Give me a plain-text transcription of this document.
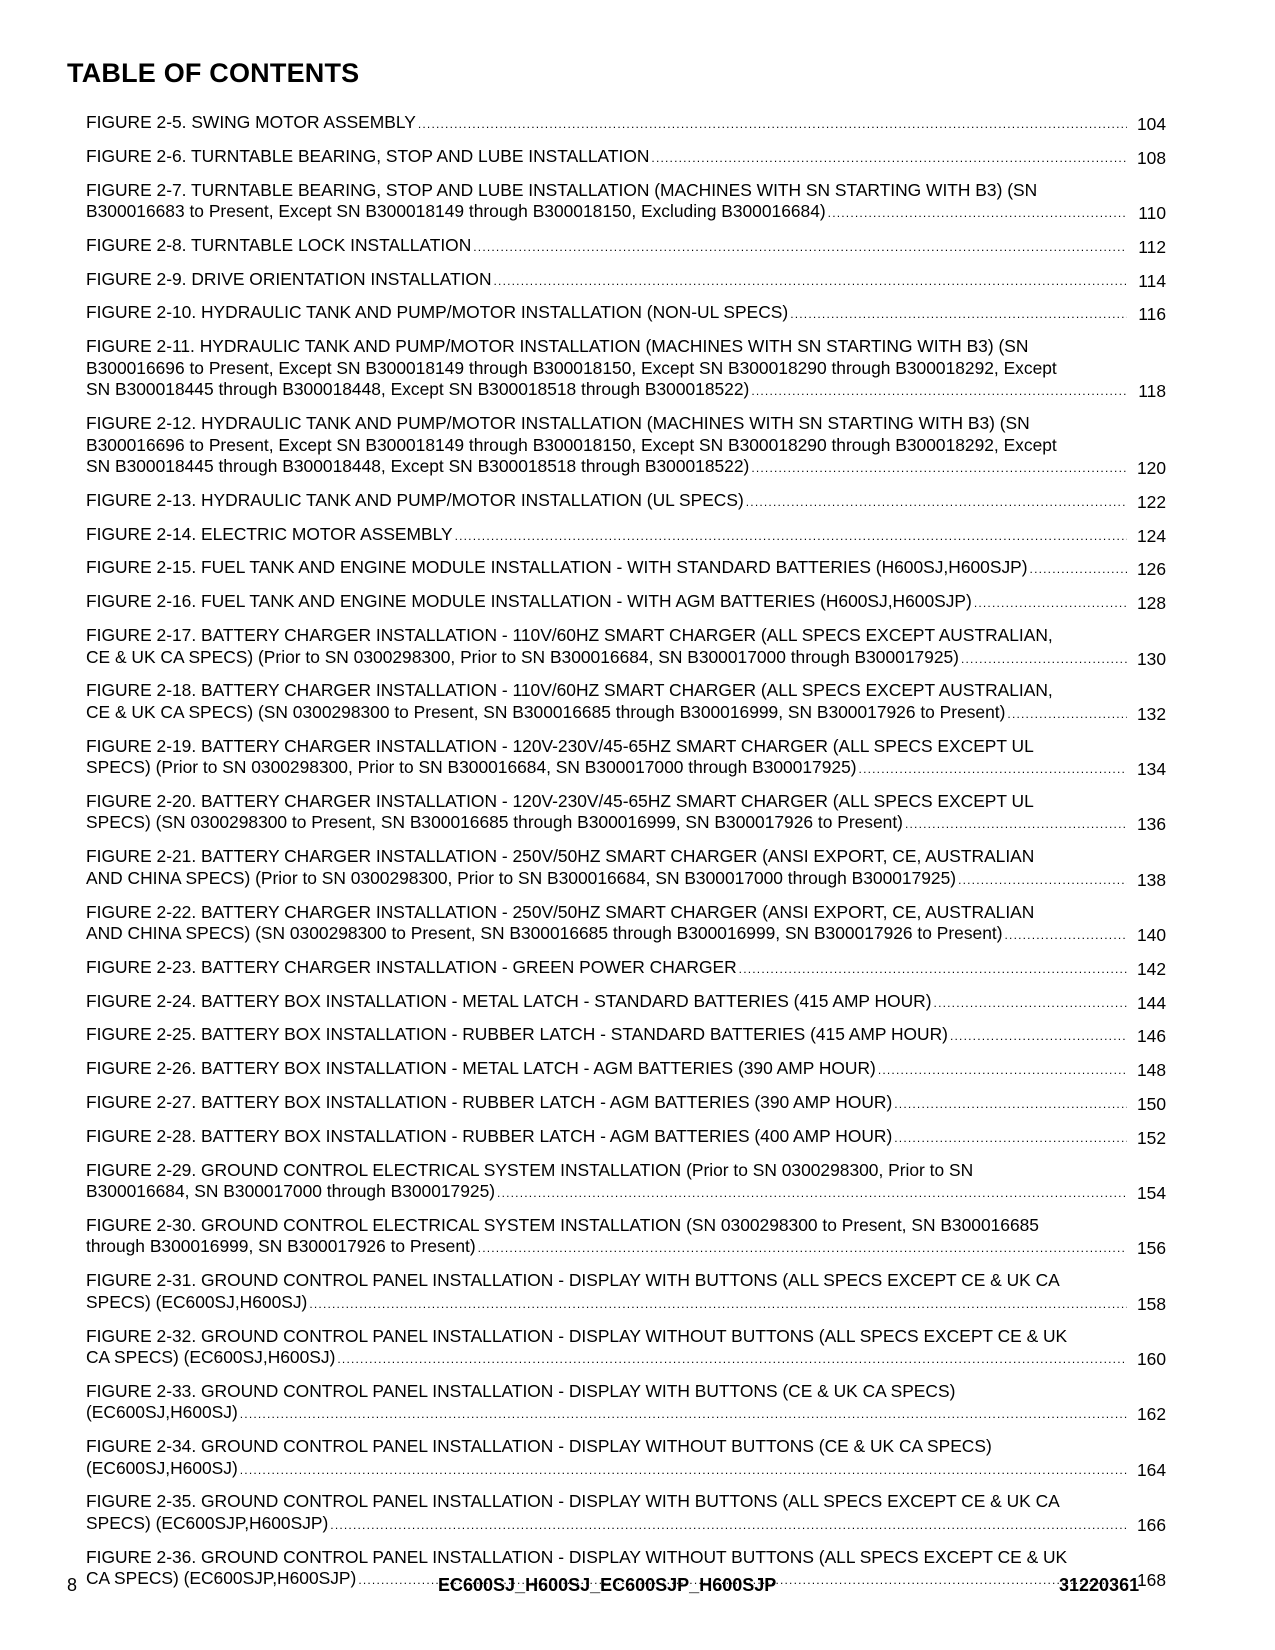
TABLE OF CONTENTS
FIGURE 2-5. SWING MOTOR ASSEMBLY .....	104
FIGURE 2-6. TURNTABLE BEARING, STOP AND LUBE INSTALLATION .....	108
FIGURE 2-7. TURNTABLE BEARING, STOP AND LUBE INSTALLATION (MACHINES WITH SN STARTING WITH B3) (SN
B300016683 to Present, Except SN B300018149 through B300018150, Excluding B300016684) .....	110
FIGURE 2-8. TURNTABLE LOCK INSTALLATION .....	112
FIGURE 2-9. DRIVE ORIENTATION INSTALLATION .....	114
FIGURE 2-10. HYDRAULIC TANK AND PUMP/MOTOR INSTALLATION (NON-UL SPECS) .....	116
FIGURE 2-11. HYDRAULIC TANK AND PUMP/MOTOR INSTALLATION (MACHINES WITH SN STARTING WITH B3) (SN
B300016696 to Present, Except SN B300018149 through B300018150, Except SN B300018290 through B300018292, Except
SN B300018445 through B300018448, Except SN B300018518 through B300018522) .....	118
FIGURE 2-12. HYDRAULIC TANK AND PUMP/MOTOR INSTALLATION (MACHINES WITH SN STARTING WITH B3) (SN
B300016696 to Present, Except SN B300018149 through B300018150, Except SN B300018290 through B300018292, Except
SN B300018445 through B300018448, Except SN B300018518 through B300018522) .....	120
FIGURE 2-13. HYDRAULIC TANK AND PUMP/MOTOR INSTALLATION (UL SPECS) .....	122
FIGURE 2-14. ELECTRIC MOTOR ASSEMBLY .....	124
FIGURE 2-15. FUEL TANK AND ENGINE MODULE INSTALLATION - WITH STANDARD BATTERIES (H600SJ,H600SJP) .....	126
FIGURE 2-16. FUEL TANK AND ENGINE MODULE INSTALLATION - WITH AGM BATTERIES (H600SJ,H600SJP) .....	128
FIGURE 2-17. BATTERY CHARGER INSTALLATION - 110V/60HZ SMART CHARGER (ALL SPECS EXCEPT AUSTRALIAN,
CE & UK CA SPECS) (Prior to SN 0300298300, Prior to SN B300016684, SN B300017000 through B300017925) .....	130
FIGURE 2-18. BATTERY CHARGER INSTALLATION - 110V/60HZ SMART CHARGER (ALL SPECS EXCEPT AUSTRALIAN,
CE & UK CA SPECS) (SN 0300298300 to Present, SN B300016685 through B300016999, SN B300017926 to Present) .....	132
FIGURE 2-19. BATTERY CHARGER INSTALLATION - 120V-230V/45-65HZ SMART CHARGER (ALL SPECS EXCEPT UL
SPECS) (Prior to SN 0300298300, Prior to SN B300016684, SN B300017000 through B300017925) .....	134
FIGURE 2-20. BATTERY CHARGER INSTALLATION - 120V-230V/45-65HZ SMART CHARGER (ALL SPECS EXCEPT UL
SPECS) (SN 0300298300 to Present, SN B300016685 through B300016999, SN B300017926 to Present) .....	136
FIGURE 2-21. BATTERY CHARGER INSTALLATION - 250V/50HZ SMART CHARGER (ANSI EXPORT, CE, AUSTRALIAN
AND CHINA SPECS) (Prior to SN 0300298300, Prior to SN B300016684, SN B300017000 through B300017925) .....	138
FIGURE 2-22. BATTERY CHARGER INSTALLATION - 250V/50HZ SMART CHARGER (ANSI EXPORT, CE, AUSTRALIAN
AND CHINA SPECS) (SN 0300298300 to Present, SN B300016685 through B300016999, SN B300017926 to Present) .....	140
FIGURE 2-23. BATTERY CHARGER INSTALLATION - GREEN POWER CHARGER .....	142
FIGURE 2-24. BATTERY BOX INSTALLATION - METAL LATCH - STANDARD BATTERIES (415 AMP HOUR) .....	144
FIGURE 2-25. BATTERY BOX INSTALLATION - RUBBER LATCH - STANDARD BATTERIES (415 AMP HOUR) .....	146
FIGURE 2-26. BATTERY BOX INSTALLATION - METAL LATCH - AGM BATTERIES (390 AMP HOUR) .....	148
FIGURE 2-27. BATTERY BOX INSTALLATION - RUBBER LATCH - AGM BATTERIES (390 AMP HOUR) .....	150
FIGURE 2-28. BATTERY BOX INSTALLATION - RUBBER LATCH - AGM BATTERIES (400 AMP HOUR) .....	152
FIGURE 2-29. GROUND CONTROL ELECTRICAL SYSTEM INSTALLATION (Prior to SN 0300298300, Prior to SN
B300016684, SN B300017000 through B300017925) .....	154
FIGURE 2-30. GROUND CONTROL ELECTRICAL SYSTEM INSTALLATION (SN 0300298300 to Present, SN B300016685
through B300016999, SN B300017926 to Present) .....	156
FIGURE 2-31. GROUND CONTROL PANEL INSTALLATION - DISPLAY WITH BUTTONS (ALL SPECS EXCEPT CE & UK CA
SPECS) (EC600SJ,H600SJ) .....	158
FIGURE 2-32. GROUND CONTROL PANEL INSTALLATION - DISPLAY WITHOUT BUTTONS (ALL SPECS EXCEPT CE & UK
CA SPECS) (EC600SJ,H600SJ) .....	160
FIGURE 2-33. GROUND CONTROL PANEL INSTALLATION - DISPLAY WITH BUTTONS (CE & UK CA SPECS)
(EC600SJ,H600SJ) .....	162
FIGURE 2-34. GROUND CONTROL PANEL INSTALLATION - DISPLAY WITHOUT BUTTONS (CE & UK CA SPECS)
(EC600SJ,H600SJ) .....	164
FIGURE 2-35. GROUND CONTROL PANEL INSTALLATION - DISPLAY WITH BUTTONS (ALL SPECS EXCEPT CE & UK CA
SPECS) (EC600SJP,H600SJP) .....	166
FIGURE 2-36. GROUND CONTROL PANEL INSTALLATION - DISPLAY WITHOUT BUTTONS (ALL SPECS EXCEPT CE & UK
CA SPECS) (EC600SJP,H600SJP) .....	168
8	EC600SJ_H600SJ_EC600SJP_H600SJP	31220361
